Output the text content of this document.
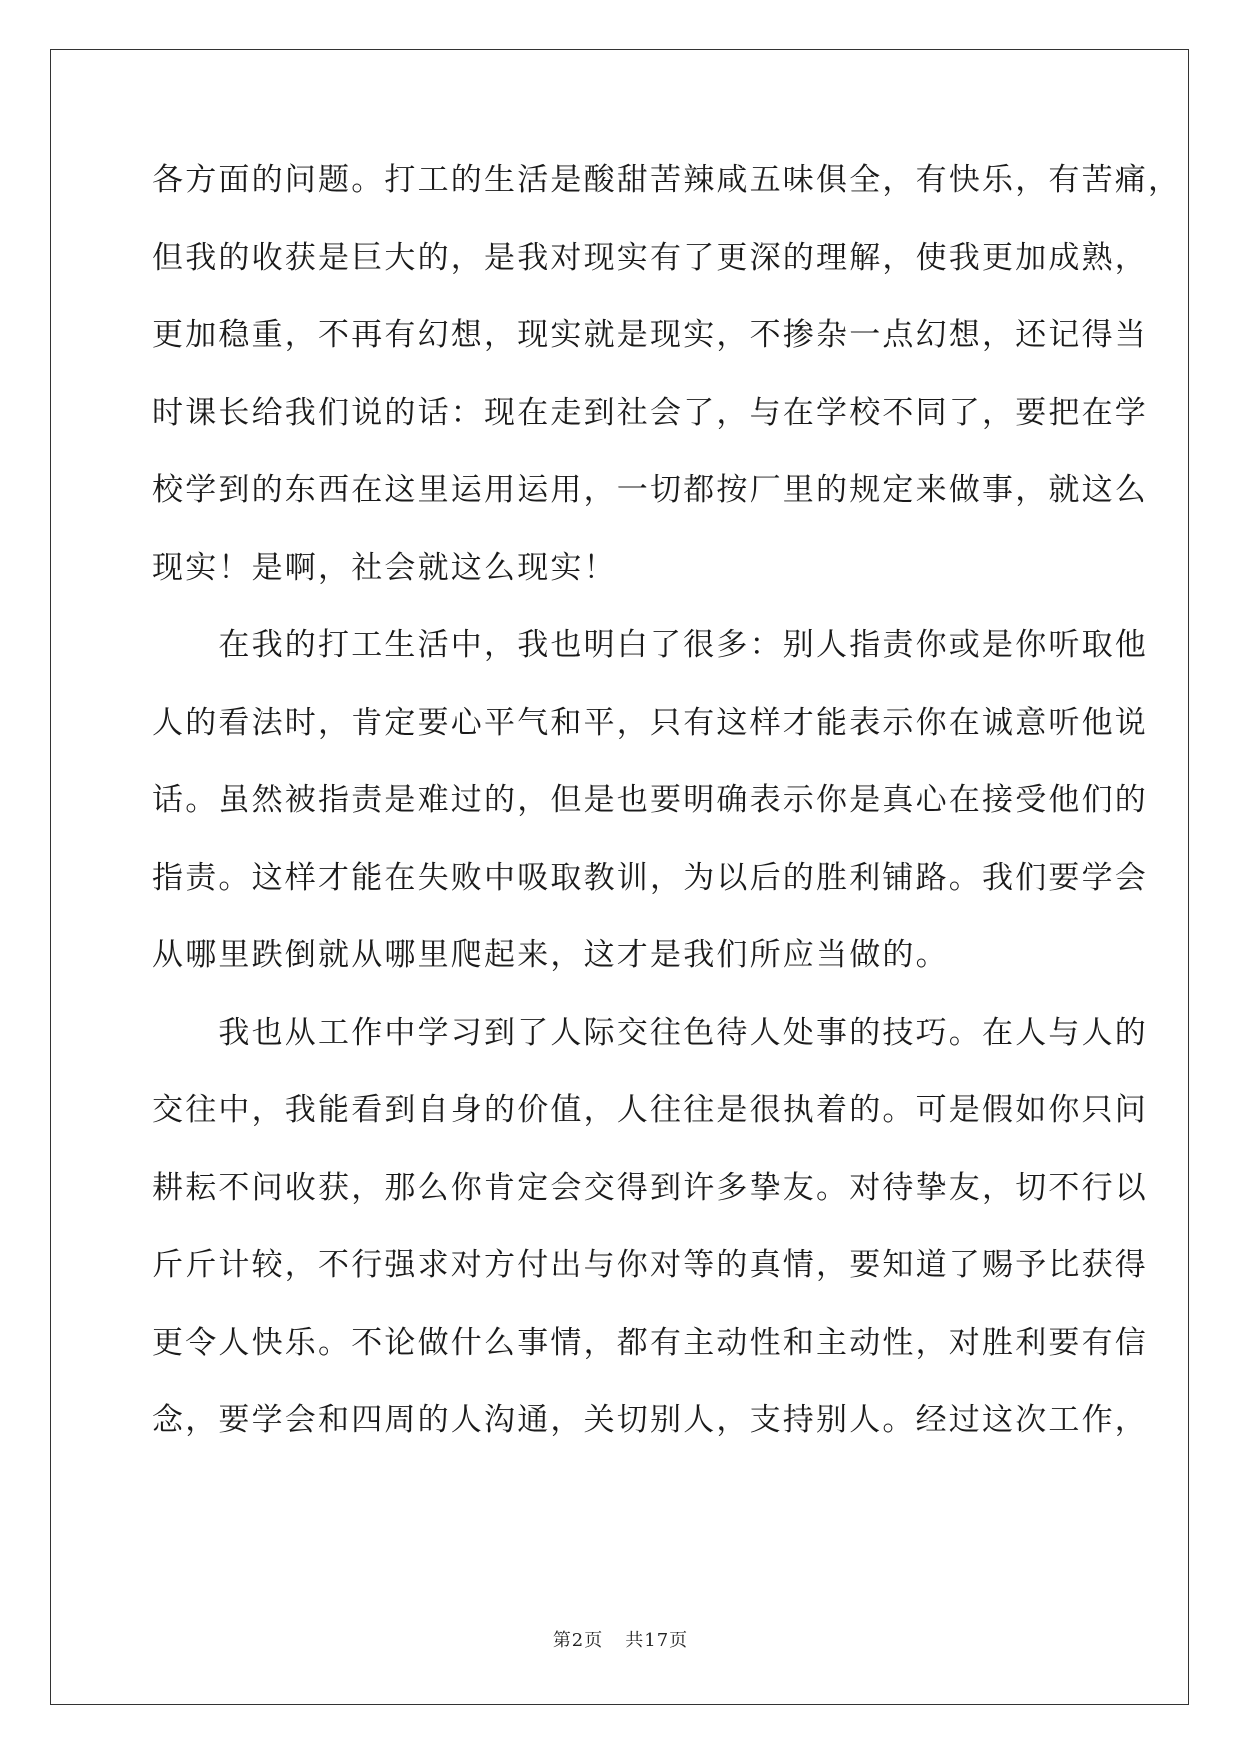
各方面的问题。打工的生活是酸甜苦辣咸五味俱全，有快乐，有苦痛，
但我的收获是巨大的，是我对现实有了更深的理解，使我更加成熟，
更加稳重，不再有幻想，现实就是现实，不掺杂一点幻想，还记得当
时课长给我们说的话：现在走到社会了，与在学校不同了，要把在学
校学到的东西在这里运用运用，一切都按厂里的规定来做事，就这么
现实！是啊，社会就这么现实！
　　在我的打工生活中，我也明白了很多：别人指责你或是你听取他
人的看法时，肯定要心平气和平，只有这样才能表示你在诚意听他说
话。虽然被指责是难过的，但是也要明确表示你是真心在接受他们的
指责。这样才能在失败中吸取教训，为以后的胜利铺路。我们要学会
从哪里跌倒就从哪里爬起来，这才是我们所应当做的。
　　我也从工作中学习到了人际交往色待人处事的技巧。在人与人的
交往中，我能看到自身的价值，人往往是很执着的。可是假如你只问
耕耘不问收获，那么你肯定会交得到许多挚友。对待挚友，切不行以
斤斤计较，不行强求对方付出与你对等的真情，要知道了赐予比获得
更令人快乐。不论做什么事情，都有主动性和主动性，对胜利要有信
念，要学会和四周的人沟通，关切别人，支持别人。经过这次工作，
第2页 共17页
